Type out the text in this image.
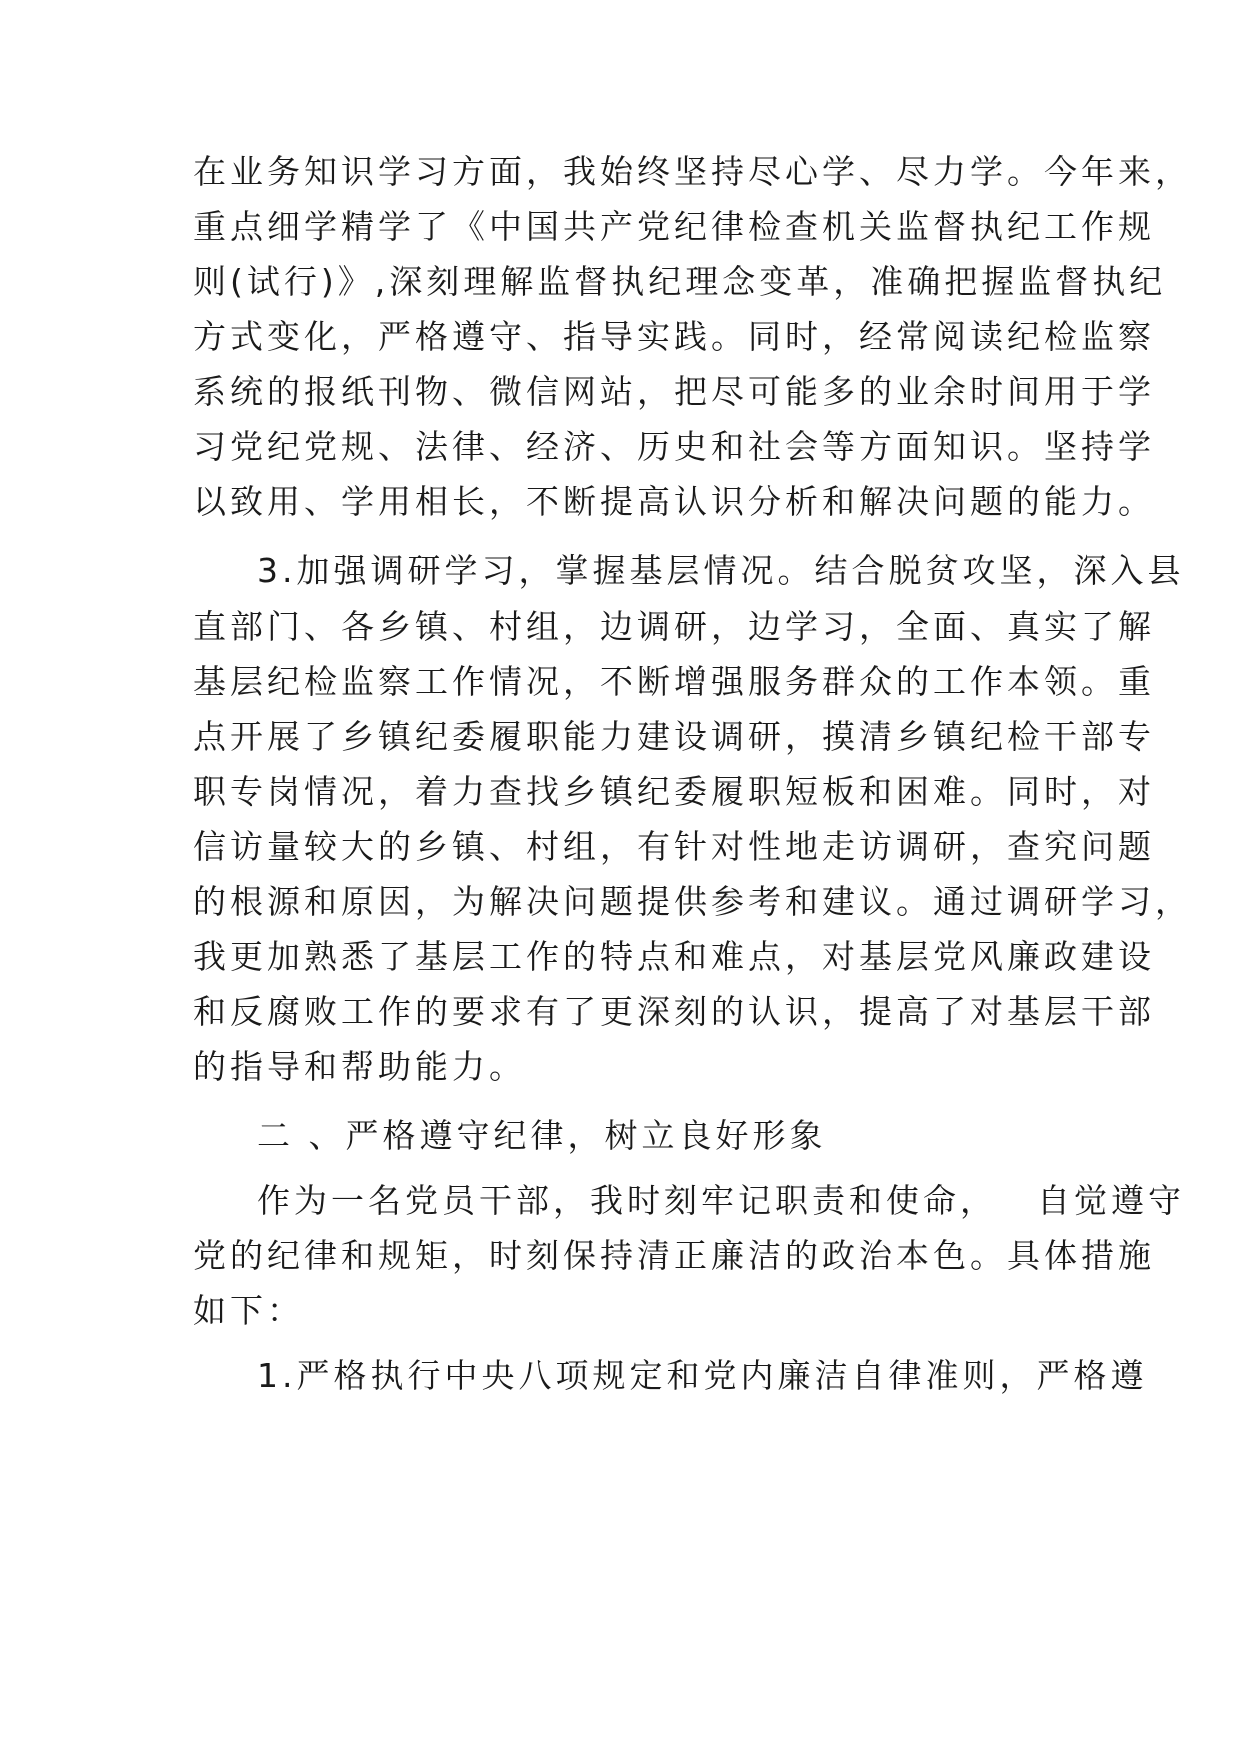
在业务知识学习方面，我始终坚持尽心学、尽力学。今年来，
重点细学精学了《中国共产党纪律检查机关监督执纪工作规
则(试行)》,深刻理解监督执纪理念变革，准确把握监督执纪
方式变化，严格遵守、指导实践。同时，经常阅读纪检监察
系统的报纸刊物、微信网站，把尽可能多的业余时间用于学
习党纪党规、法律、经济、历史和社会等方面知识。坚持学
以致用、学用相长，不断提高认识分析和解决问题的能力。
3.加强调研学习，掌握基层情况。结合脱贫攻坚，深入县
直部门、各乡镇、村组，边调研，边学习，全面、真实了解
基层纪检监察工作情况，不断增强服务群众的工作本领。重
点开展了乡镇纪委履职能力建设调研，摸清乡镇纪检干部专
职专岗情况，着力查找乡镇纪委履职短板和困难。同时，对
信访量较大的乡镇、村组，有针对性地走访调研，查究问题
的根源和原因，为解决问题提供参考和建议。通过调研学习，
我更加熟悉了基层工作的特点和难点，对基层党风廉政建设
和反腐败工作的要求有了更深刻的认识，提高了对基层干部
的指导和帮助能力。
二 、严格遵守纪律，树立良好形象
作为一名党员干部，我时刻牢记职责和使命， 自觉遵守
党的纪律和规矩，时刻保持清正廉洁的政治本色。具体措施
如下：
1.严格执行中央八项规定和党内廉洁自律准则，严格遵
